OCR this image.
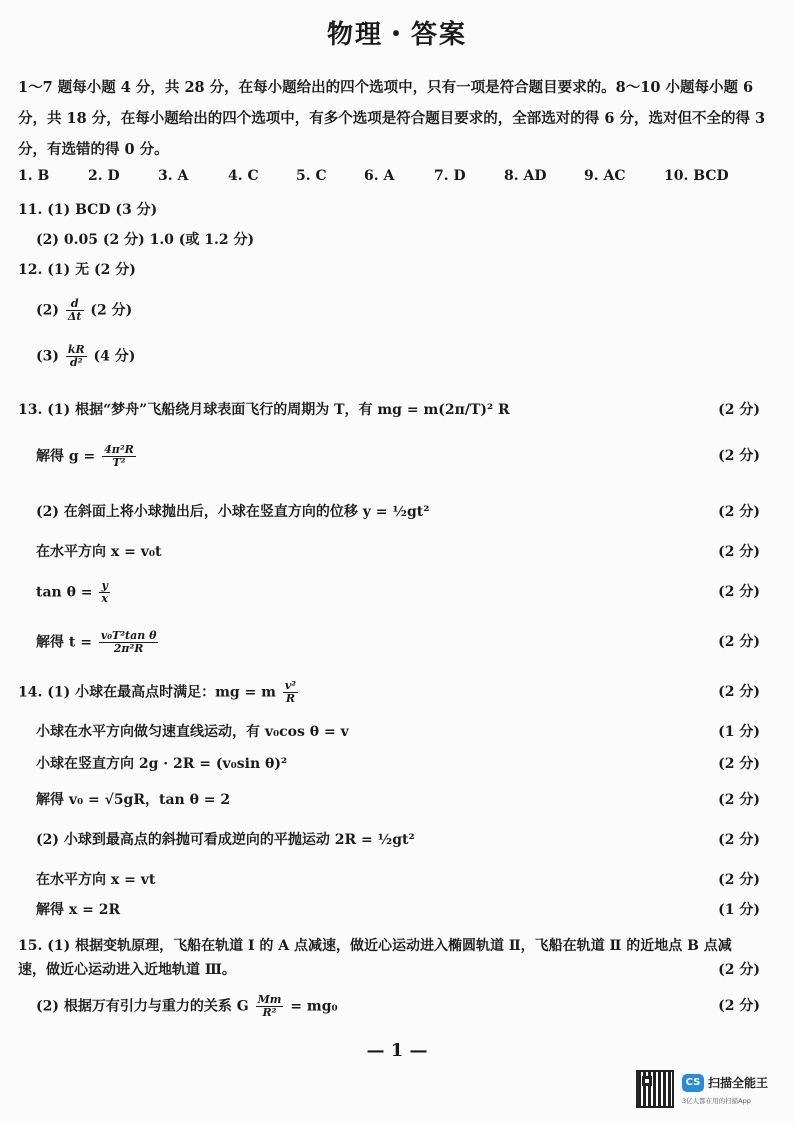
物理・答案
1～7 题每小题 4 分，共 28 分，在每小题给出的四个选项中，只有一项是符合题目要求的。8～10 小题每小题 6 分，共 18 分，在每小题给出的四个选项中，有多个选项是符合题目要求的，全部选对的得 6 分，选对但不全的得 3 分，有选错的得 0 分。
1. B	2. D	3. A	4. C	5. C	6. A	7. D	8. AD	9. AC	10. BCD
11. (1) BCD (3 分)
(2) 0.05 (2 分) 1.0 (或 1.2 分)
12. (1) 无 (2 分)
$(2) \frac{d}{\Delta t} (2$ 分)
$(3) \frac{kR}{\text{d²}} (4$ 分)
13. (1) 根据“梦舟”飞船绕月球表面飞行的周期为 T，有 mg = m(2π/T)² R	(2 分)
解得 $g = \frac{\text{4π²R}}{\text{T²}}$	(2 分)
(2) 在斜面上将小球抛出后，小球在竖直方向的位移 y = ½gt²	(2 分)
在水平方向 x = v₀t	(2 分)
$\tan \theta = \frac{y}{x}$	(2 分)
解得 $t = \frac{\text{v₀T²tan θ}}{\text{2π²R}}$	(2 分)
14. (1) 小球在最高点时满足：mg = m $\frac{\text{v²}}{R}$	(2 分)
小球在水平方向做匀速直线运动，有 v₀cos θ = v	(1 分)
小球在竖直方向 2g · 2R = (v₀sin θ)²	(2 分)
解得 v₀ = √5gR，tan θ = 2	(2 分)
(2) 小球到最高点的斜抛可看成逆向的平抛运动 2R = ½gt²	(2 分)
在水平方向 x = vt	(2 分)
解得 x = 2R	(1 分)
15. (1) 根据变轨原理，飞船在轨道 Ⅰ 的 A 点减速，做近心运动进入椭圆轨道 Ⅱ，飞船在轨道 Ⅱ 的近地点 B 点减
速，做近心运动进入近地轨道 Ⅲ。	(2 分)
(2) 根据万有引力与重力的关系 G $\frac{Mm}{\text{R²}} = mg_0$	(2 分)
— 1 —
CS 扫描全能王
3亿人都在用的扫描App
